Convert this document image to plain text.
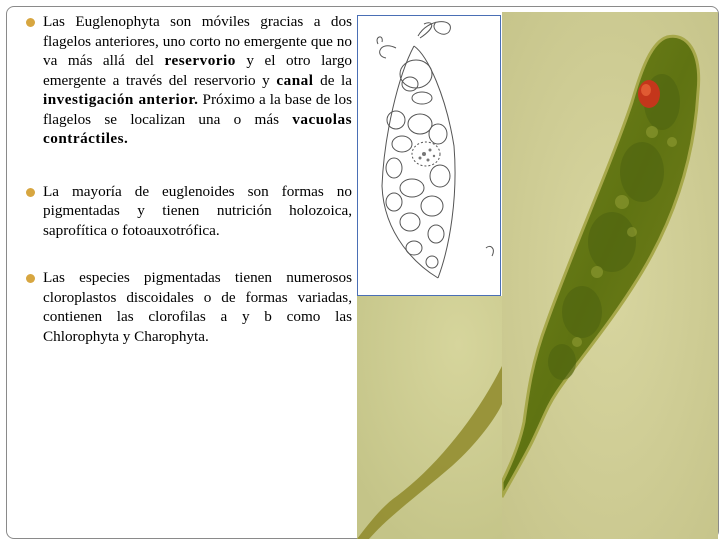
Las Euglenophyta son móviles gracias a dos flagelos anteriores, uno corto no emergente que no va más allá del reservorio y el otro largo emergente a través del reservorio y canal de la investigación anterior. Próximo a la base de los flagelos se localizan una o más vacuolas contráctiles.

La mayoría de euglenoides son formas no pigmentadas y tienen nutrición holozoica, saprofítica o fotoauxotrófica.

Las especies pigmentadas tienen numerosos cloroplastos discoidales o de formas variadas, contienen las clorofilas a y b como las Chlorophyta y Charophyta.
